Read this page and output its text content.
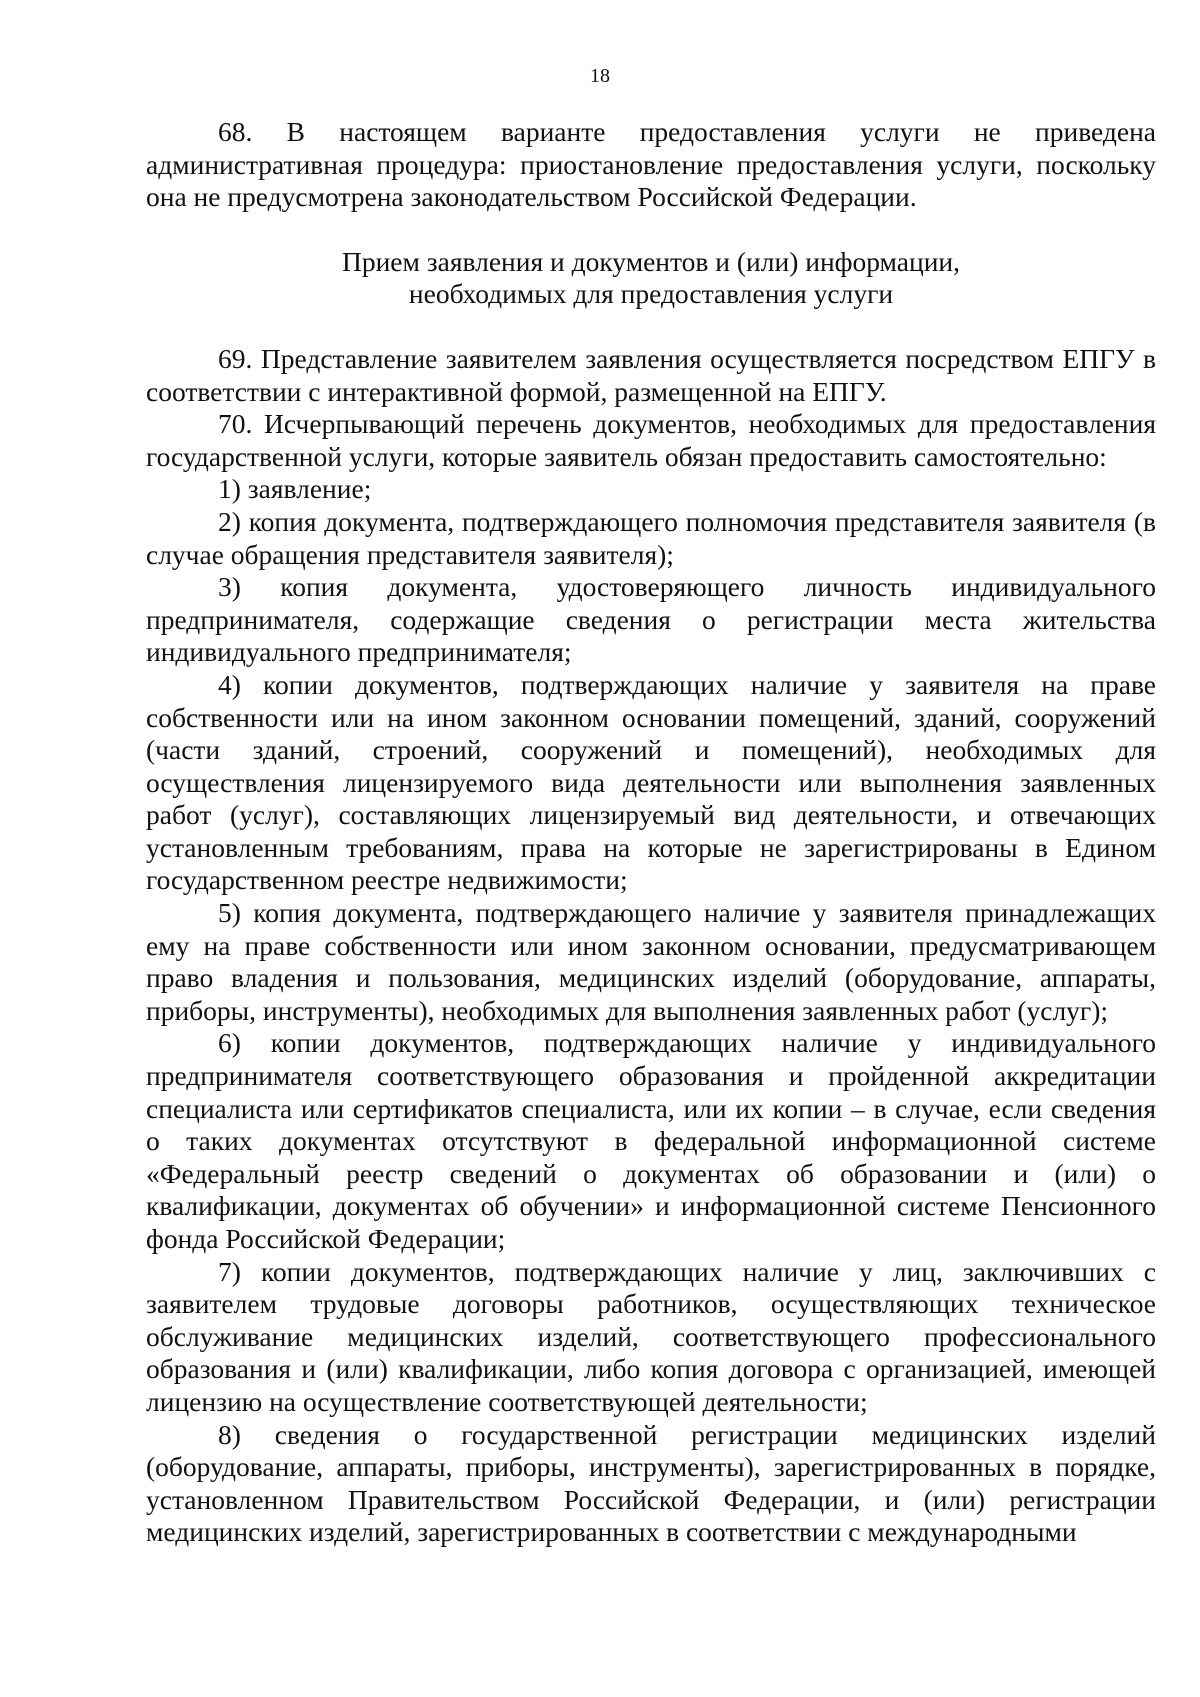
18

68. В настоящем варианте предоставления услуги не приведена административная процедура: приостановление предоставления услуги, поскольку она не предусмотрена законодательством Российской Федерации.

Прием заявления и документов и (или) информации,
необходимых для предоставления услуги

69. Представление заявителем заявления осуществляется посредством ЕПГУ в соответствии с интерактивной формой, размещенной на ЕПГУ.

70. Исчерпывающий перечень документов, необходимых для предоставления государственной услуги, которые заявитель обязан предоставить самостоятельно:

1) заявление;

2) копия документа, подтверждающего полномочия представителя заявителя (в случае обращения представителя заявителя);

3) копия документа, удостоверяющего личность индивидуального предпринимателя, содержащие сведения о регистрации места жительства индивидуального предпринимателя;

4) копии документов, подтверждающих наличие у заявителя на праве собственности или на ином законном основании помещений, зданий, сооружений (части зданий, строений, сооружений и помещений), необходимых для осуществления лицензируемого вида деятельности или выполнения заявленных работ (услуг), составляющих лицензируемый вид деятельности, и отвечающих установленным требованиям, права на которые не зарегистрированы в Едином государственном реестре недвижимости;

5) копия документа, подтверждающего наличие у заявителя принадлежащих ему на праве собственности или ином законном основании, предусматривающем право владения и пользования, медицинских изделий (оборудование, аппараты, приборы, инструменты), необходимых для выполнения заявленных работ (услуг);

6) копии документов, подтверждающих наличие у индивидуального предпринимателя соответствующего образования и пройденной аккредитации специалиста или сертификатов специалиста, или их копии – в случае, если сведения о таких документах отсутствуют в федеральной информационной системе «Федеральный реестр сведений о документах об образовании и (или) о квалификации, документах об обучении» и информационной системе Пенсионного фонда Российской Федерации;

7) копии документов, подтверждающих наличие у лиц, заключивших с заявителем трудовые договоры работников, осуществляющих техническое обслуживание медицинских изделий, соответствующего профессионального образования и (или) квалификации, либо копия договора с организацией, имеющей лицензию на осуществление соответствующей деятельности;

8) сведения о государственной регистрации медицинских изделий (оборудование, аппараты, приборы, инструменты), зарегистрированных в порядке, установленном Правительством Российской Федерации, и (или) регистрации медицинских изделий, зарегистрированных в соответствии с международными
